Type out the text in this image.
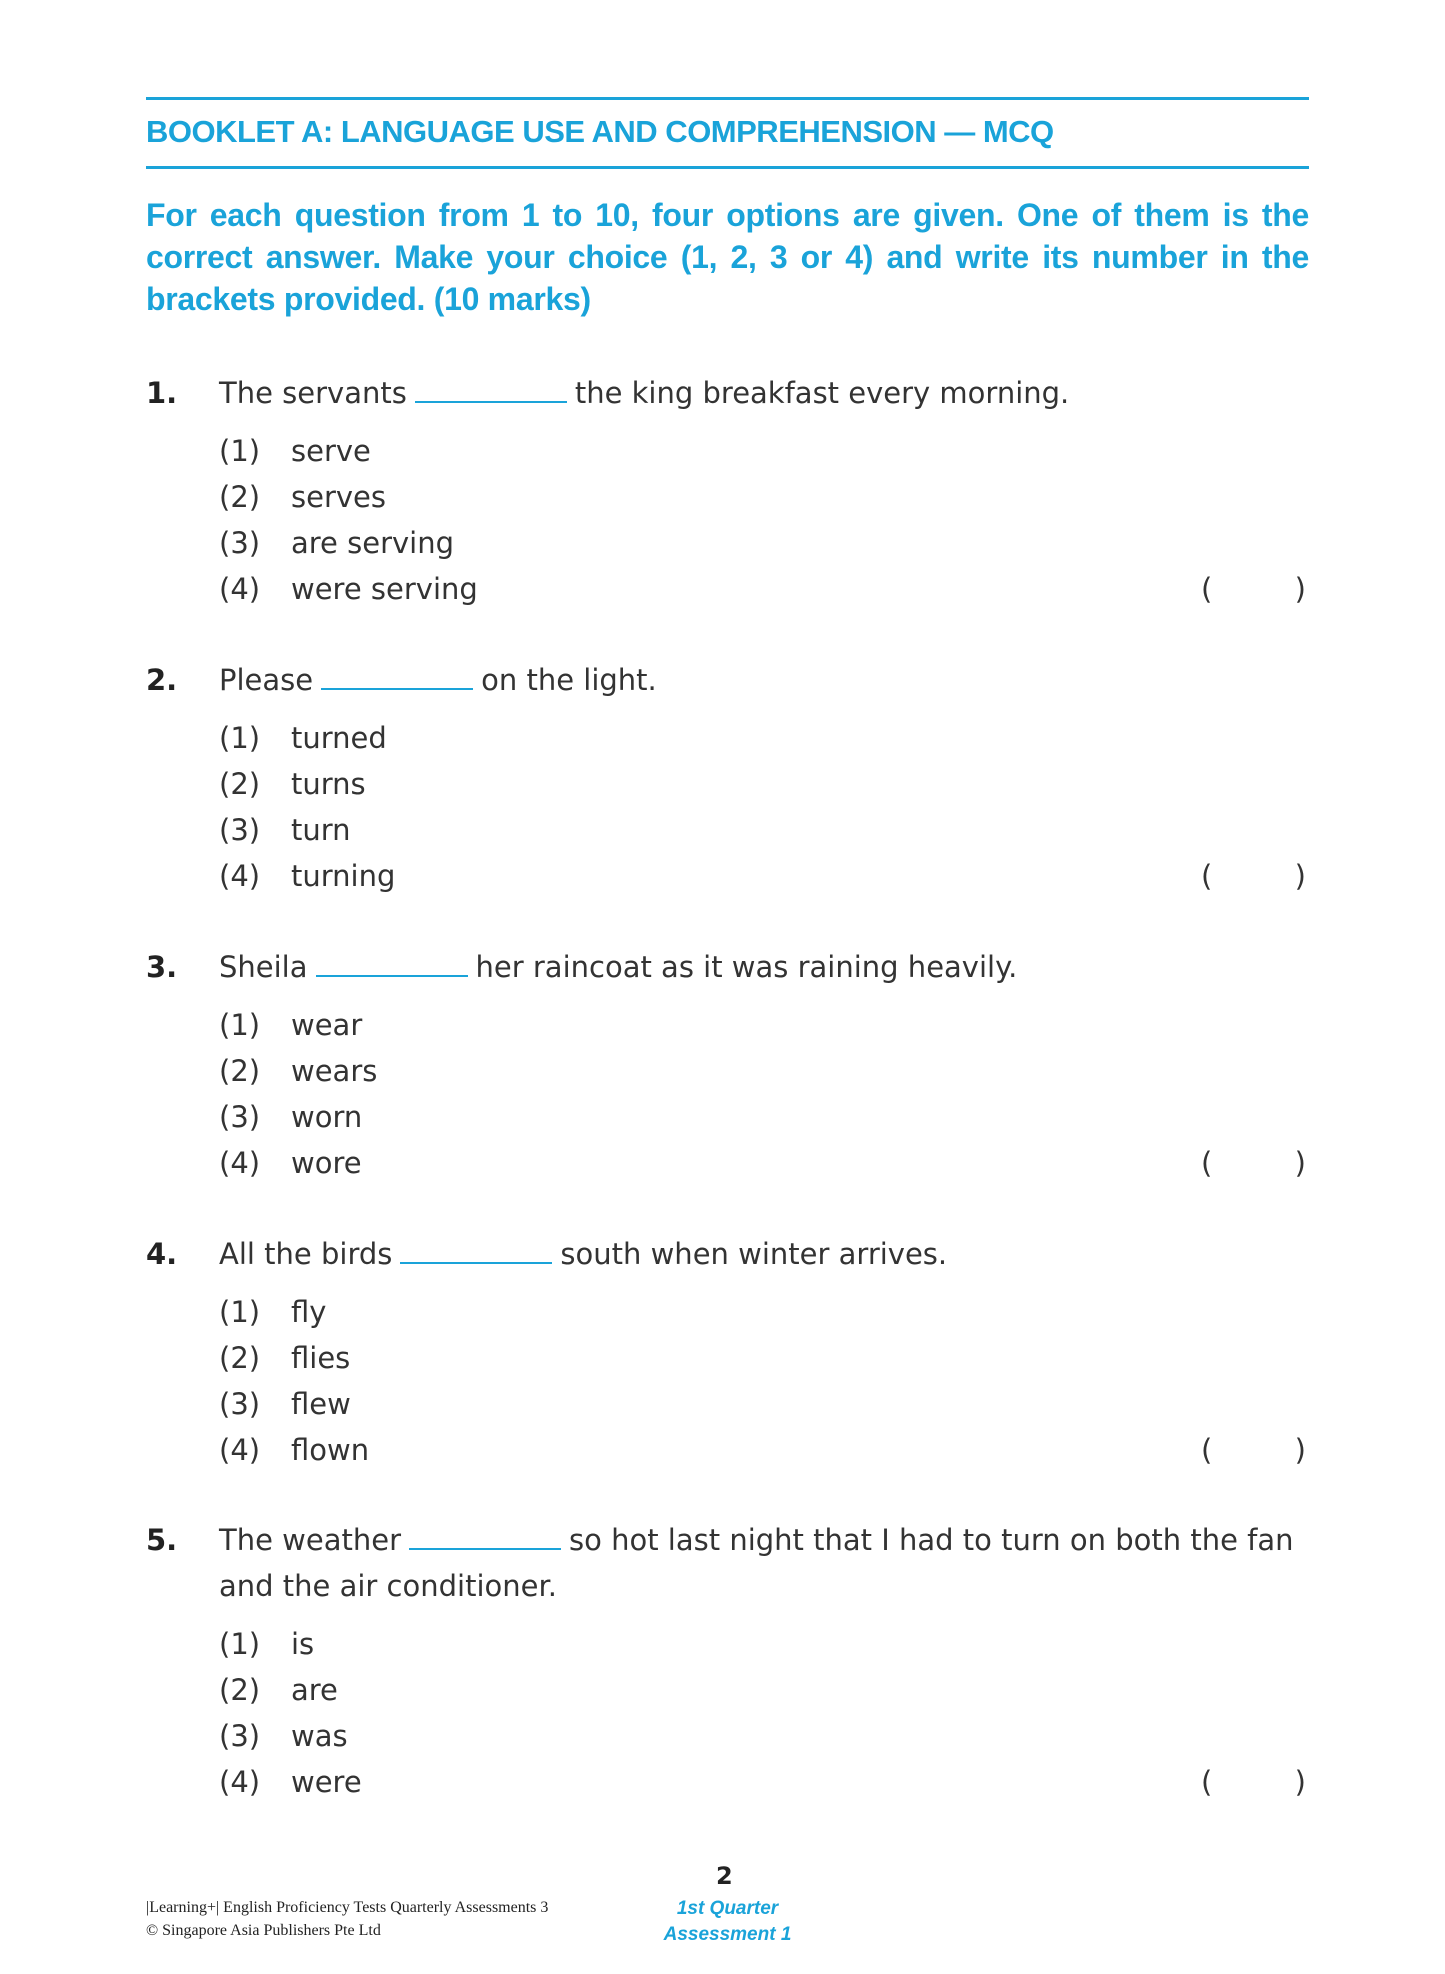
BOOKLET A: LANGUAGE USE AND COMPREHENSION — MCQ
For each question from 1 to 10, four options are given. One of them is the correct answer. Make your choice (1, 2, 3 or 4) and write its number in the brackets provided. (10 marks)
1. The servants	the king breakfast every morning.
(1)	serve
(2)	serves
(3)	are serving
(4)	were serving	(	)
2. Please	on the light.
(1)	turned
(2)	turns
(3)	turn
(4)	turning	(	)
3. Sheila	her raincoat as it was raining heavily.
(1)	wear
(2)	wears
(3)	worn
(4)	wore	(	)
4. All the birds	south when winter arrives.
(1)	fly
(2)	flies
(3)	flew
(4)	flown	(	)
5. The weather	so hot last night that I had to turn on both the fan and the air conditioner.
(1)	is
(2)	are
(3)	was
(4)	were	(	)
|Learning+| English Proficiency Tests Quarterly Assessments 3
© Singapore Asia Publishers Pte Ltd
2
1st Quarter
Assessment 1
